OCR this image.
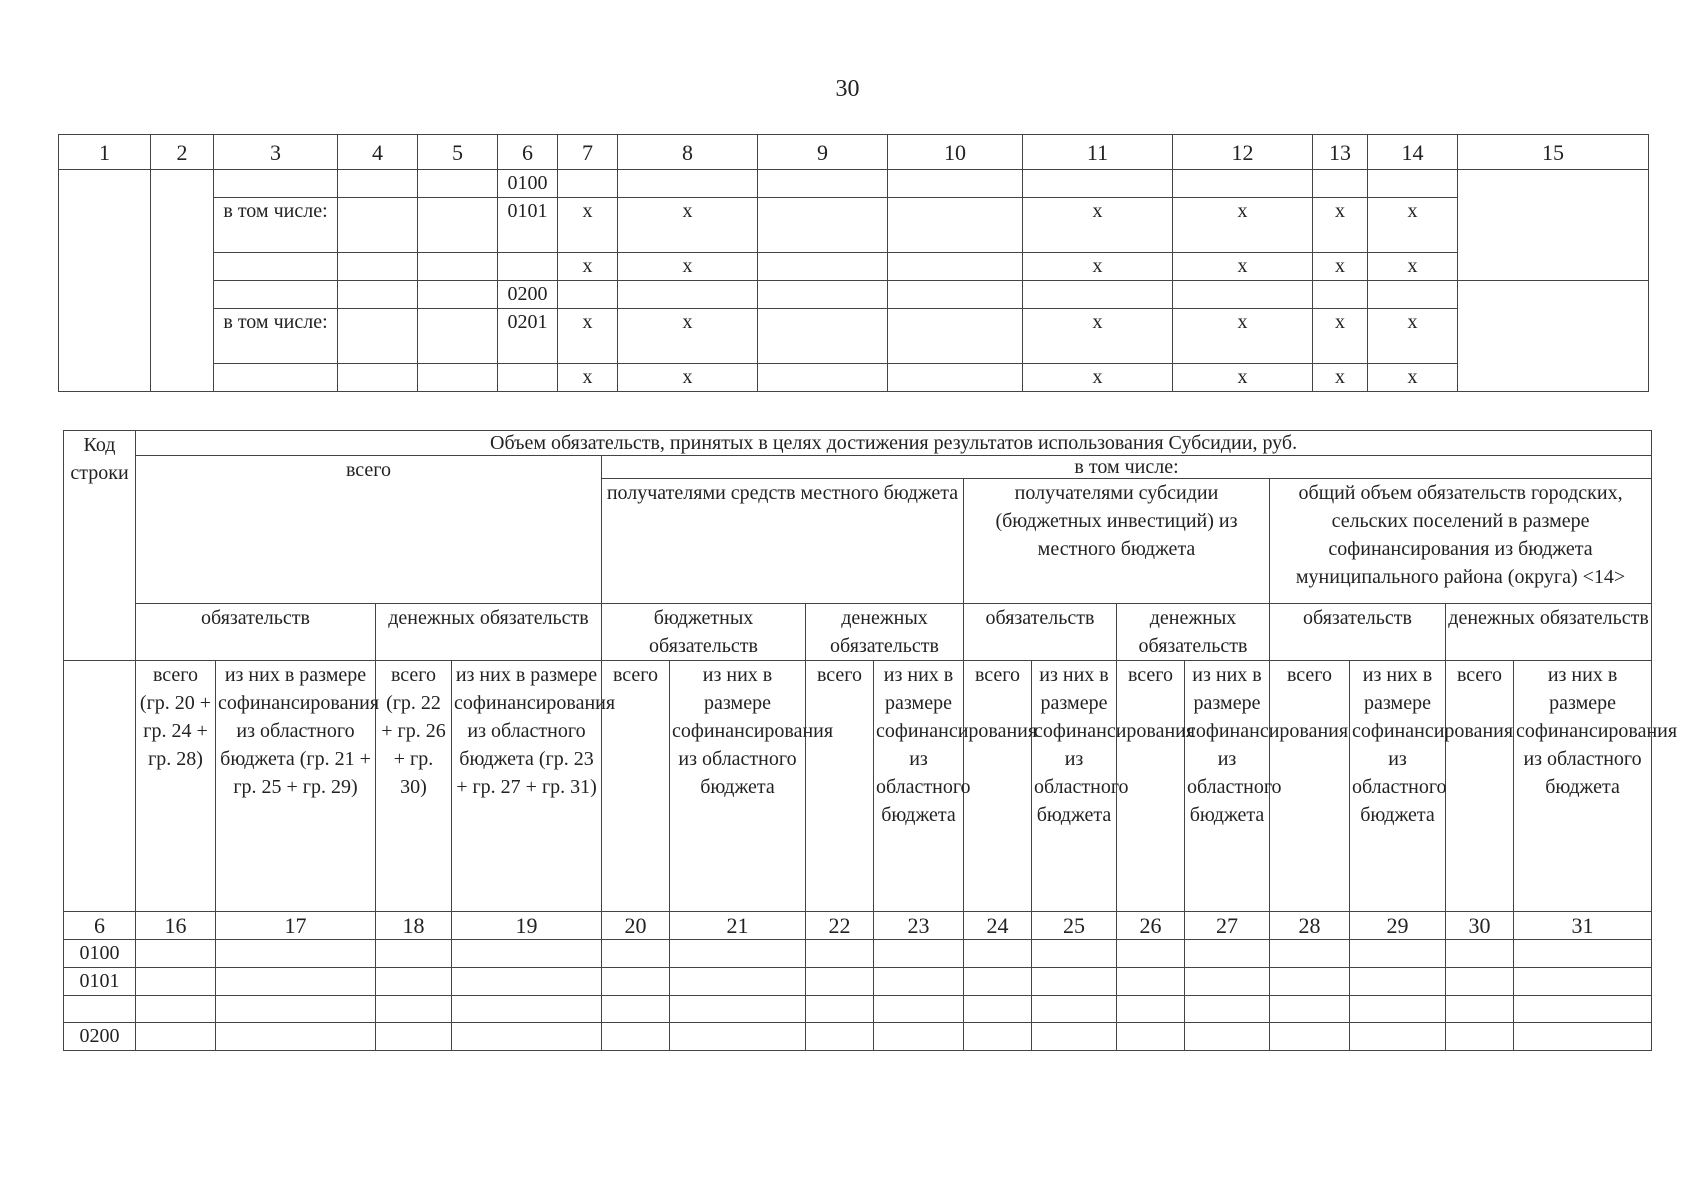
30
1	2	3	4	5	6	7	8	9	10	11	12	13	14	15
					0100									
		в том числе:			0101	x	x			x	x	x	x	
						x	x			x	x	x	x	
					0200									
		в том числе:			0201	x	x			x	x	x	x	
						x	x			x	x	x	x	
Код строки	Объем обязательств, принятых в целях достижения результатов использования Субсидии, руб.															
	всего				в том числе:											
					получателями средств местного бюджета				получателями субсидии (бюджетных инвестиций) из местного бюджета				общий объем обязательств городских, сельских поселений в размере софинансирования из бюджета муниципального района (округа) <14>			
	обязательств		денежных обязательств		бюджетных обязательств		денежных обязательств		обязательств		денежных обязательств		обязательств		денежных обязательств	
	всего (гр. 20 + гр. 24 + гр. 28)	из них в размере софинансирования из областного бюджета (гр. 21 + гр. 25 + гр. 29)	всего (гр. 22 + гр. 26 + гр. 30)	из них в размере софинансирования из областного бюджета (гр. 23 + гр. 27 + гр. 31)	всего	из них в размере софинансирования из областного бюджета	всего	из них в размере софинансирования из областного бюджета	всего	из них в размере софинансирования из областного бюджета	всего	из них в размере софинансирования из областного бюджета	всего	из них в размере софинансирования из областного бюджета	всего	из них в размере софинансирования из областного бюджета
6	16	17	18	19	20	21	22	23	24	25	26	27	28	29	30	31
0100																
0101																

0200																
